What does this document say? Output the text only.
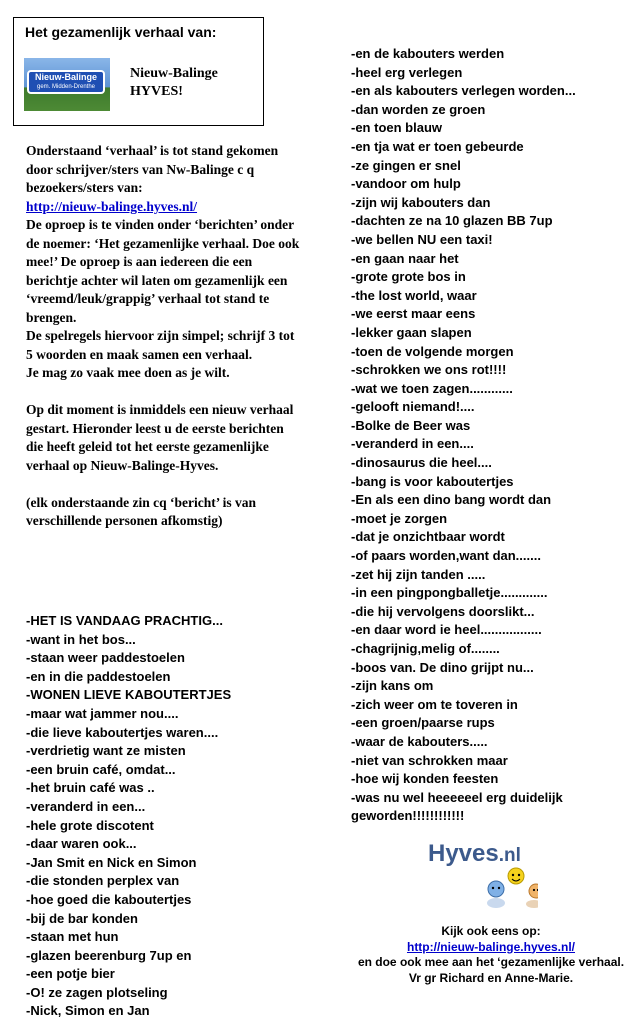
Het gezamenlijk verhaal van:
Nieuw-Balinge
gem. Midden-Drenthe
Nieuw-Balinge
HYVES!

Onderstaand ‘verhaal’ is tot stand gekomen door schrijver/sters van Nw-Balinge c q bezoekers/sters van:

http://nieuw-balinge.hyves.nl/

De oproep is te vinden onder ‘berichten’ onder de noemer: ‘Het gezamenlijke verhaal. Doe ook mee!’ De oproep is aan iedereen die een berichtje achter wil laten om gezamenlijk een ‘vreemd/leuk/grappig’ verhaal tot stand te brengen.

De spelregels hiervoor zijn simpel; schrijf 3 tot 5 woorden en maak samen een verhaal.

Je mag zo vaak mee doen as je wilt.

Op dit moment is inmiddels een nieuw verhaal gestart. Hieronder leest u de eerste berichten die heeft geleid tot het eerste gezamenlijke verhaal op Nieuw-Balinge-Hyves.

(elk onderstaande zin cq ‘bericht’ is van verschillende personen afkomstig)

-HET IS VANDAAG PRACHTIG...
-want in het bos...
-staan weer paddestoelen
-en in die paddestoelen
-WONEN LIEVE KABOUTERTJES
-maar wat jammer nou....
-die lieve kaboutertjes waren....
-verdrietig want ze misten
-een bruin café, omdat...
-het bruin café was ..
-veranderd in een...
-hele grote discotent
-daar waren ook...
-Jan Smit en Nick en Simon
-die stonden perplex van
-hoe goed die kaboutertjes
-bij de bar konden
-staan met hun
-glazen beerenburg 7up en
-een potje bier
-O! ze zagen plotseling
-Nick, Simon en Jan
-en de kabouters werden
-heel erg verlegen
-en als kabouters verlegen worden...
-dan worden ze groen
-en toen blauw
-en tja wat er toen gebeurde
-ze gingen er snel
-vandoor om hulp
-zijn wij kabouters dan
-dachten ze na 10 glazen BB 7up
-we bellen NU een taxi!
-en gaan naar het
-grote grote bos in
-the lost world, waar
-we eerst maar eens
-lekker gaan slapen
-toen de volgende morgen
-schrokken we ons rot!!!!
-wat we toen zagen............
-gelooft niemand!....
-Bolke de Beer was
-veranderd in een....
-dinosaurus die heel....
-bang is voor kaboutertjes
-En als een dino bang wordt dan
-moet je zorgen
-dat je onzichtbaar wordt
-of paars worden,want dan.......
-zet hij zijn tanden .....
-in een pingpongballetje.............
-die hij vervolgens doorslikt...
-en daar word ie heel.................
-chagrijnig,melig of........
-boos van. De dino grijpt nu...
-zijn kans om
-zich weer om te toveren in
-een groen/paarse rups
-waar de kabouters.....
-niet van schrokken maar
-hoe wij konden feesten
-was nu wel heeeeeel erg duidelijk geworden!!!!!!!!!!!!
Hyves.nl
Kijk ook eens op:
http://nieuw-balinge.hyves.nl/
en doe ook mee aan het ‘gezamenlijke verhaal.
Vr gr Richard en Anne-Marie.
